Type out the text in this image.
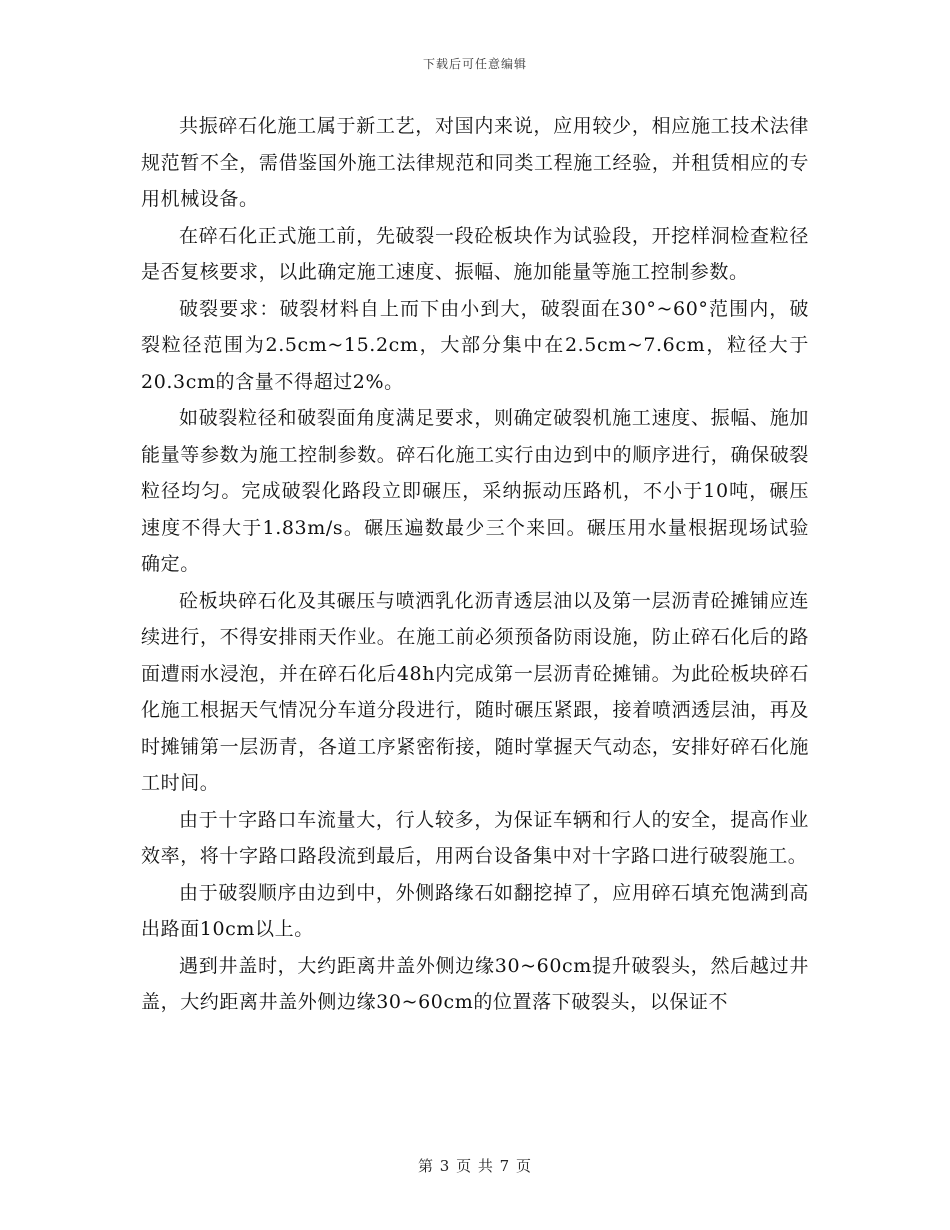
下载后可任意编辑

共振碎石化施工属于新工艺，对国内来说，应用较少，相应施工技术法律规范暂不全，需借鉴国外施工法律规范和同类工程施工经验，并租赁相应的专用机械设备。

在碎石化正式施工前，先破裂一段砼板块作为试验段，开挖样洞检查粒径是否复核要求，以此确定施工速度、振幅、施加能量等施工控制参数。

破裂要求：破裂材料自上而下由小到大，破裂面在30°~60°范围内，破裂粒径范围为2.5cm~15.2cm，大部分集中在2.5cm~7.6cm，粒径大于20.3cm的含量不得超过2%。

如破裂粒径和破裂面角度满足要求，则确定破裂机施工速度、振幅、施加能量等参数为施工控制参数。碎石化施工实行由边到中的顺序进行，确保破裂粒径均匀。完成破裂化路段立即碾压，采纳振动压路机，不小于10吨，碾压速度不得大于1.83m/s。碾压遍数最少三个来回。碾压用水量根据现场试验确定。

砼板块碎石化及其碾压与喷洒乳化沥青透层油以及第一层沥青砼摊铺应连续进行，不得安排雨天作业。在施工前必须预备防雨设施，防止碎石化后的路面遭雨水浸泡，并在碎石化后48h内完成第一层沥青砼摊铺。为此砼板块碎石化施工根据天气情况分车道分段进行，随时碾压紧跟，接着喷洒透层油，再及时摊铺第一层沥青，各道工序紧密衔接，随时掌握天气动态，安排好碎石化施工时间。

由于十字路口车流量大，行人较多，为保证车辆和行人的安全，提高作业效率，将十字路口路段流到最后，用两台设备集中对十字路口进行破裂施工。

由于破裂顺序由边到中，外侧路缘石如翻挖掉了，应用碎石填充饱满到高出路面10cm以上。

遇到井盖时，大约距离井盖外侧边缘30~60cm提升破裂头，然后越过井盖，大约距离井盖外侧边缘30~60cm的位置落下破裂头，以保证不

第 3 页 共 7 页
